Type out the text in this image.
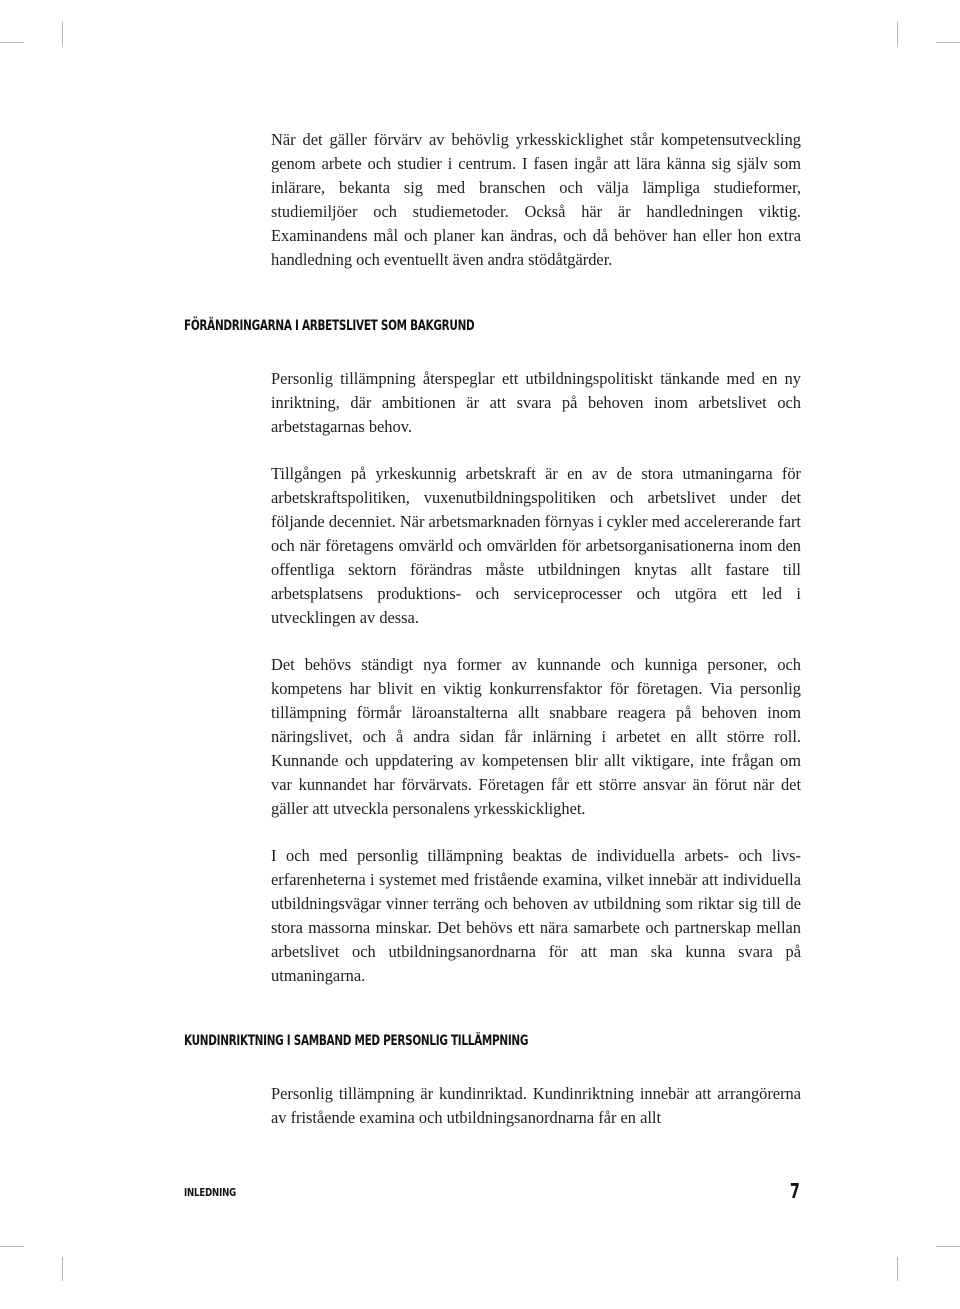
När det gäller förvärv av behövlig yrkesskicklighet står kompetensutveckling genom arbete och studier i centrum. I fasen ingår att lära känna sig själv som inlärare, bekanta sig med branschen och välja lämpliga studieformer, studiemiljöer och studiemetoder. Också här är handledningen viktig. Examinandens mål och planer kan ändras, och då behöver han eller hon extra handledning och eventuellt även andra stödåtgärder.

FÖRÄNDRINGARNA I ARBETSLIVET SOM BAKGRUND

Personlig tillämpning återspeglar ett utbildningspolitiskt tänkande med en ny inriktning, där ambitionen är att svara på behoven inom arbetslivet och arbetstagarnas behov.

Tillgången på yrkeskunnig arbetskraft är en av de stora utmaningarna för arbetskraftspolitiken, vuxenutbildningspolitiken och arbetslivet under det följande decenniet. När arbetsmarknaden förnyas i cykler med accelererande fart och när företagens omvärld och omvärlden för arbetsorganisationerna inom den offentliga sektorn förändras måste utbildningen knytas allt fastare till arbetsplatsens produktions- och serviceprocesser och utgöra ett led i utvecklingen av dessa.

Det behövs ständigt nya former av kunnande och kunniga personer, och kompetens har blivit en viktig konkurrensfaktor för företagen. Via personlig tillämpning förmår läroanstalterna allt snabbare reagera på behoven inom näringslivet, och å andra sidan får inlärning i arbetet en allt större roll. Kunnande och uppdatering av kompetensen blir allt viktigare, inte frågan om var kunnandet har förvärvats. Företagen får ett större ansvar än förut när det gäller att utveckla personalens yrkesskicklighet.

I och med personlig tillämpning beaktas de individuella arbets- och livserfarenheterna i systemet med fristående examina, vilket innebär att individuella utbildningsvägar vinner terräng och behoven av utbildning som riktar sig till de stora massorna minskar. Det behövs ett nära samarbete och partnerskap mellan arbetslivet och utbildningsanordnarna för att man ska kunna svara på utmaningarna.

KUNDINRIKTNING I SAMBAND MED PERSONLIG TILLÄMPNING

Personlig tillämpning är kundinriktad. Kundinriktning innebär att arrangörerna av fristående examina och utbildningsanordnarna får en allt

INLEDNING	7
